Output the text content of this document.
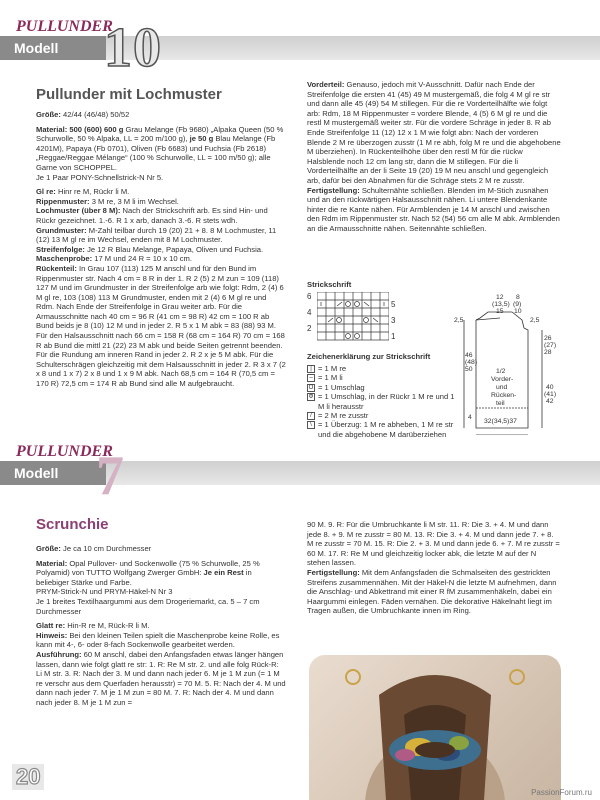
PULLUNDER
Modell 10
Pullunder mit Lochmuster

Größe: 42/44 (46/48) 50/52

Material: 500 (600) 600 g Grau Melange (Fb 9680) „Alpaka Queen (50 % Schurwolle, 50 % Alpaka, LL = 200 m/100 g), je 50 g Blau Melange (Fb 4201M), Papaya (Fb 0701), Oliven (Fb 6683) und Fuchsia (Fb 2618) „Reggae/Reggae Mélange“ (100 % Schurwolle, LL = 100 m/50 g); alle Garne von SCHOPPEL.
Je 1 Paar PONY-Schnellstrick-N Nr 5.

Gl re: Hinr re M, Rückr li M.

Rippenmuster: 3 M re, 3 M li im Wechsel.

Lochmuster (über 8 M): Nach der Strickschrift arb. Es sind Hin- und Rückr gezeichnet. 1.-6. R 1 x arb, danach 3.-6. R stets wdh.

Grundmuster: M-Zahl teilbar durch 19 (20) 21 + 8. 8 M Lochmuster, 11 (12) 13 M gl re im Wechsel, enden mit 8 M Lochmuster.

Streifenfolge: Je 12 R Blau Melange, Papaya, Oliven und Fuchsia.

Maschenprobe: 17 M und 24 R = 10 x 10 cm.

Rückenteil: In Grau 107 (113) 125 M anschl und für den Bund im Rippenmuster str. Nach 4 cm = 8 R in der 1. R 2 (5) 2 M zun = 109 (118) 127 M und im Grundmuster in der Streifenfolge arb wie folgt: Rdm, 2 (4) 6 M gl re, 103 (108) 113 M Grundmuster, enden mit 2 (4) 6 M gl re und Rdm. Nach Ende der Streifenfolge in Grau weiter arb. Für die Armausschnitte nach 40 cm = 96 R (41 cm = 98 R) 42 cm = 100 R ab Bund beids je 8 (10) 12 M und in jeder 2. R 5 x 1 M abk = 83 (88) 93 M. Für den Halsausschnitt nach 66 cm = 158 R (68 cm = 164 R) 70 cm = 168 R ab Bund die mittl 21 (22) 23 M abk und beide Seiten getrennt beenden. Für die Rundung am inneren Rand in jeder 2. R 2 x je 5 M abk. Für die Schulterschrägen gleichzeitig mit dem Halsausschnitt in jeder 2. R 3 x 7 (2 x 8 und 1 x 7) 2 x 8 und 1 x 9 M abk. Nach 68,5 cm = 164 R (70,5 cm = 170 R) 72,5 cm = 174 R ab Bund sind alle M aufgebraucht.

Vorderteil: Genauso, jedoch mit V-Ausschnitt. Dafür nach Ende der Streifenfolge die ersten 41 (45) 49 M mustergemäß, die folg 4 M gl re str und dann alle 45 (49) 54 M stillegen. Für die re Vorderteilhälfte wie folgt arb: Rdm, 18 M Rippenmuster = vordere Blende, 4 (5) 6 M gl re und die restl M mustergemäß weiter str. Für die vordere Schräge in jeder 8. R ab Ende Streifenfolge 11 (12) 12 x 1 M wie folgt abn: Nach der vorderen Blende 2 M re überzogen zusstr (1 M re abh, folg M re und die abgehobene M überziehen). In Rückenteilhöhe über den restl M für die rückw Halsblende noch 12 cm lang str, dann die M stillegen. Für die li Vorderteilhälfte an der li Seite 19 (20) 19 M neu anschl und gegengleich arb, dafür bei den Abnahmen für die Schräge stets 2 M re zusstr.

Fertigstellung: Schulternähte schließen. Blenden im M-Stich zusnähen und an den rückwärtigen Halsausschnitt nähen. Li untere Blendenkante hinter die re Kante nähen. Für Armblenden je 14 M anschl und zwischen den Rdm im Rippenmuster str. Nach 52 (54) 56 cm alle M abk. Armblenden an die Armausschnitte nähen. Seitennähte schließen.

Strickschrift
6
4
2
5
3
1
Zeichenerklärung zur Strickschrift
| = 1 M re
– = 1 M li
O = 1 Umschlag
Φ = 1 Umschlag, in der Rückr 1 M re und 1 M li herausstr
/ = 2 M re zusstr
\ = 1 Überzug: 1 M re abheben, 1 M re str und die abgehobene M darüberziehen
12
(13,5)
15
8
(9)
10
2,5	2,5
26
(27)
28
46
(48)
50	1/2
Vorder-
und
Rücken-
teil
40
(41)
42
4
32(34,5)37
PULLUNDER
Modell 7
Scrunchie

Größe: Je ca 10 cm Durchmesser

Material: Opal Pullover- und Sockenwolle (75 % Schurwolle, 25 % Polyamid) von TUTTO Wolfgang Zwerger GmbH: Je ein Rest in beliebiger Stärke und Farbe.
PRYM-Strick-N und PRYM-Häkel-N Nr 3
Je 1 breites Textilhaargummi aus dem Drogeriemarkt, ca. 5 – 7 cm Durchmesser

Glatt re: Hin-R re M, Rück-R li M.

Hinweis: Bei den kleinen Teilen spielt die Maschenprobe keine Rolle, es kann mit 4-, 6- oder 8-fach Sockenwolle gearbeitet werden.

Ausführung: 60 M anschl, dabei den Anfangsfaden etwas länger hängen lassen, dann wie folgt glatt re str: 1. R: Re M str. 2. und alle folg Rück-R: Li M str. 3. R: Nach der 3. M und dann nach jeder 6. M je 1 M zun (= 1 M re verschr aus dem Querfaden herausstr) = 70 M. 5. R: Nach der 4. M und dann nach jeder 7. M je 1 M zun = 80 M. 7. R: Nach der 4. M und dann nach jeder 8. M je 1 M zun =

90 M. 9. R: Für die Umbruchkante li M str. 11. R: Die 3. + 4. M und dann jede 8. + 9. M re zusstr = 80 M. 13. R: Die 3. + 4. M und dann jede 7. + 8. M re zusstr = 70 M. 15. R: Die 2. + 3. M und dann jede 6. + 7. M re zusstr = 60 M. 17. R: Re M und gleichzeitig locker abk, die letzte M auf der N stehen lassen.

Fertigstellung: Mit dem Anfangsfaden die Schmalseiten des gestrickten Streifens zusammennähen. Mit der Häkel-N die letzte M aufnehmen, dann die Anschlag- und Abkettrand mit einer R fM zusammenhäkeln, dabei ein Haargummi einlegen. Fäden vernähen. Die dekorative Häkelnaht liegt im Tragen außen, die Umbruchkante innen im Ring.

20
PassionForum.ru
